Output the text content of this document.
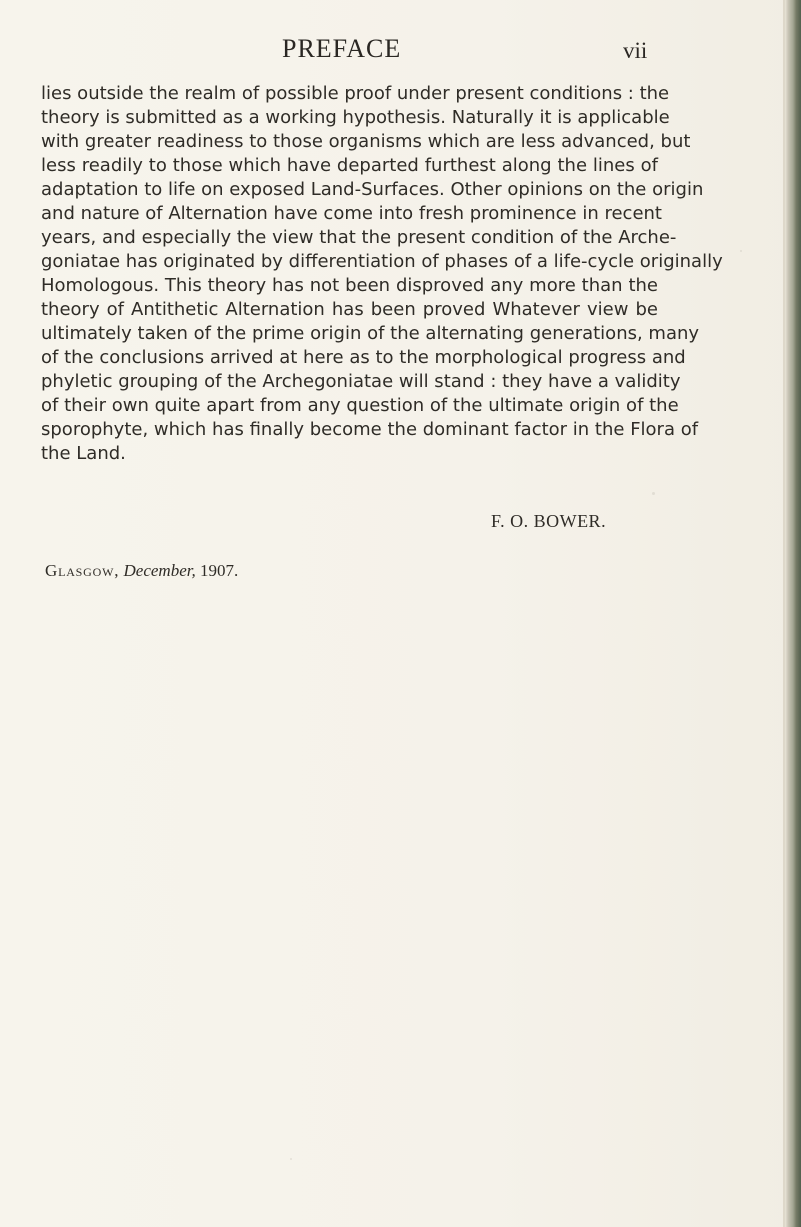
PREFACE	vii
lies outside the realm of possible proof under present conditions : the
theory is submitted as a working hypothesis. Naturally it is applicable
with greater readiness to those organisms which are less advanced, but
less readily to those which have departed furthest along the lines of
adaptation to life on exposed Land-Surfaces. Other opinions on the origin
and nature of Alternation have come into fresh prominence in recent
years, and especially the view that the present condition of the Arche-
goniatae has originated by differentiation of phases of a life-cycle originally
Homologous. This theory has not been disproved any more than the
theory of Antithetic Alternation has been proved Whatever view be
ultimately taken of the prime origin of the alternating generations, many
of the conclusions arrived at here as to the morphological progress and
phyletic grouping of the Archegoniatae will stand : they have a validity
of their own quite apart from any question of the ultimate origin of the
sporophyte, which has finally become the dominant factor in the Flora of
the Land.
F. O. BOWER.
Glasgow, December, 1907.
